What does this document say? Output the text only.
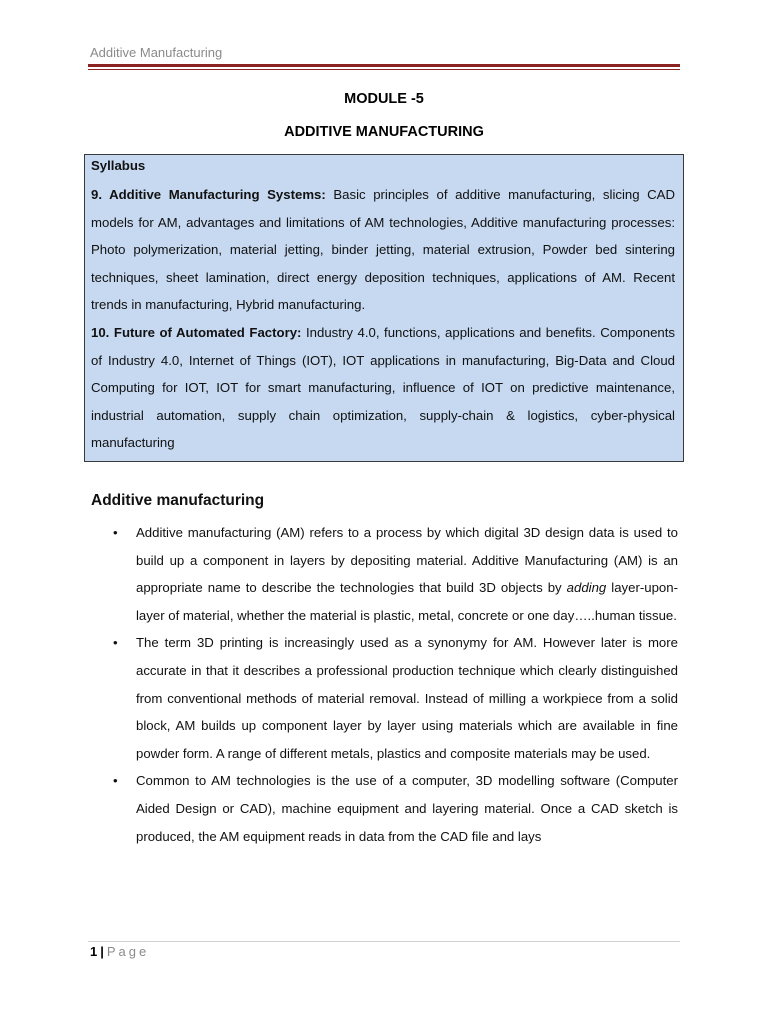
Additive Manufacturing
MODULE -5
ADDITIVE MANUFACTURING

Syllabus

9. Additive Manufacturing Systems: Basic principles of additive manufacturing, slicing CAD models for AM, advantages and limitations of AM technologies, Additive manufacturing processes: Photo polymerization, material jetting, binder jetting, material extrusion, Powder bed sintering techniques, sheet lamination, direct energy deposition techniques, applications of AM. Recent trends in manufacturing, Hybrid manufacturing.

10. Future of Automated Factory: Industry 4.0, functions, applications and benefits. Components of Industry 4.0, Internet of Things (IOT), IOT applications in manufacturing, Big-Data and Cloud Computing for IOT, IOT for smart manufacturing, influence of IOT on predictive maintenance, industrial automation, supply chain optimization, supply-chain & logistics, cyber-physical manufacturing

Additive manufacturing
• Additive manufacturing (AM) refers to a process by which digital 3D design data is used to build up a component in layers by depositing material. Additive Manufacturing (AM) is an appropriate name to describe the technologies that build 3D objects by adding layer-upon-layer of material, whether the material is plastic, metal, concrete or one day…..human tissue.
• The term 3D printing is increasingly used as a synonymy for AM. However later is more accurate in that it describes a professional production technique which clearly distinguished from conventional methods of material removal. Instead of milling a workpiece from a solid block, AM builds up component layer by layer using materials which are available in fine powder form. A range of different metals, plastics and composite materials may be used.
• Common to AM technologies is the use of a computer, 3D modelling software (Computer Aided Design or CAD), machine equipment and layering material. Once a CAD sketch is produced, the AM equipment reads in data from the CAD file and lays
1 | Page
